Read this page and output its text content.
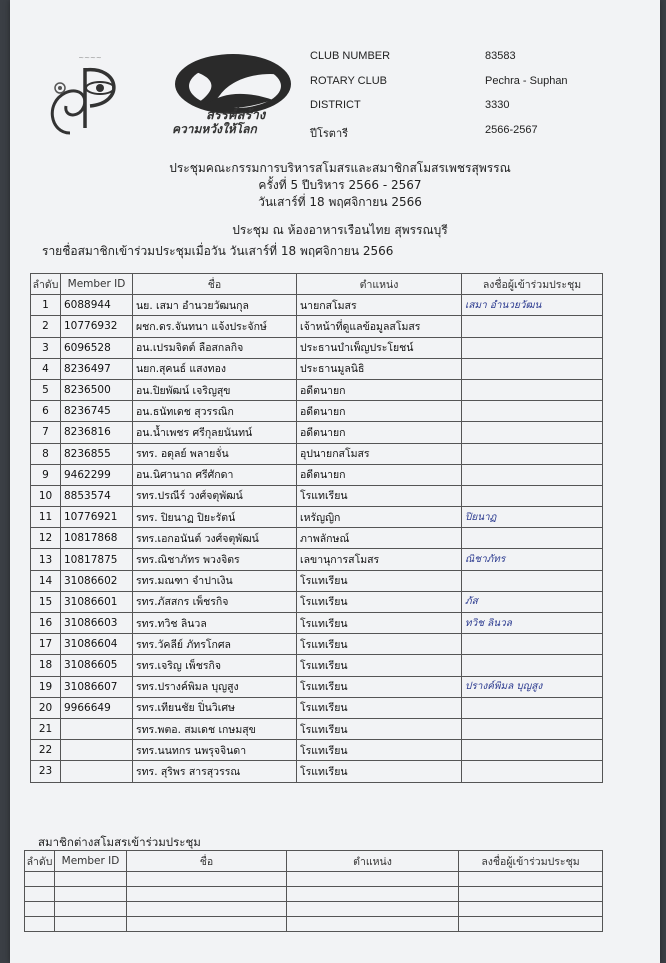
~~~~
สรรค์สร้าง
ความหวังให้โลก
CLUB NUMBER	83583
ROTARY CLUB	Pechra - Suphan
DISTRICT	3330
ปีโรตารี	2566-2567
ประชุมคณะกรรมการบริหารสโมสรและสมาชิกสโมสรเพชรสุพรรณ
ครั้งที่ 5 ปีบริหาร 2566 - 2567
วันเสาร์ที่ 18 พฤศจิกายน 2566
ประชุม ณ ห้องอาหารเรือนไทย สุพรรณบุรี
รายชื่อสมาชิกเข้าร่วมประชุมเมื่อวัน วันเสาร์ที่ 18 พฤศจิกายน 2566
ลำดับ	Member ID	ชื่อ	ตำแหน่ง	ลงชื่อผู้เข้าร่วมประชุม
1	6088944	นย. เสมา อำนวยวัฒนกุล	นายกสโมสร	เสมา อำนวยวัฒน
2	10776932	ผชก.ดร.จันทนา แจ้งประจักษ์	เจ้าหน้าที่ดูแลข้อมูลสโมสร	
3	6096528	อน.เปรมจิตต์ ลือสกลกิจ	ประธานบำเพ็ญประโยชน์	
4	8236497	นยก.สุคนธ์ แสงทอง	ประธานมูลนิธิ	
5	8236500	อน.ปิยพัฒน์ เจริญสุข	อดีตนายก	
6	8236745	อน.ธนัทเดช สุวรรณิก	อดีตนายก	
7	8236816	อน.น้ำเพชร ศรีกุลยนันทน์	อดีตนายก	
8	8236855	รทร. อดุลย์ พลายจั่น	อุปนายกสโมสร	
9	9462299	อน.นิศานาถ ศรีศักดา	อดีตนายก	
10	8853574	รทร.ปรณีร์ วงศ์จตุพัฒน์	โรแทเรียน	
11	10776921	รทร. ปิยนาฏ ปิยะรัตน์	เหรัญญิก	ปิยนาฏ
12	10817868	รทร.เอกอนันต์ วงศ์จตุพัฒน์	ภาพลักษณ์	
13	10817875	รทร.ณิชาภัทร พวงจิตร	เลขานุการสโมสร	ณิชาภัทร
14	31086602	รทร.มณฑา จำปาเงิน	โรแทเรียน	
15	31086601	รทร.ภัสสกร เพ็ชรกิจ	โรแทเรียน	ภัส
16	31086603	รทร.ทวิช ลินวล	โรแทเรียน	ทวิช ลินวล
17	31086604	รทร.วัคลีย์ ภัทรโกศล	โรแทเรียน	
18	31086605	รทร.เจริญ เพ็ชรกิจ	โรแทเรียน	
19	31086607	รทร.ปรางค์พิมล บุญสูง	โรแทเรียน	ปรางค์พิมล บุญสูง
20	9966649	รทร.เทียนชัย ปิ่นวิเศษ	โรแทเรียน	
21		รทร.พตอ. สมเดช เกษมสุข	โรแทเรียน	
22		รทร.นนทกร นพรุจจินดา	โรแทเรียน	
23		รทร. สุริพร สารสุวรรณ	โรแทเรียน	
สมาชิกต่างสโมสรเข้าร่วมประชุม
ลำดับ	Member ID	ชื่อ	ตำแหน่ง	ลงชื่อผู้เข้าร่วมประชุม
